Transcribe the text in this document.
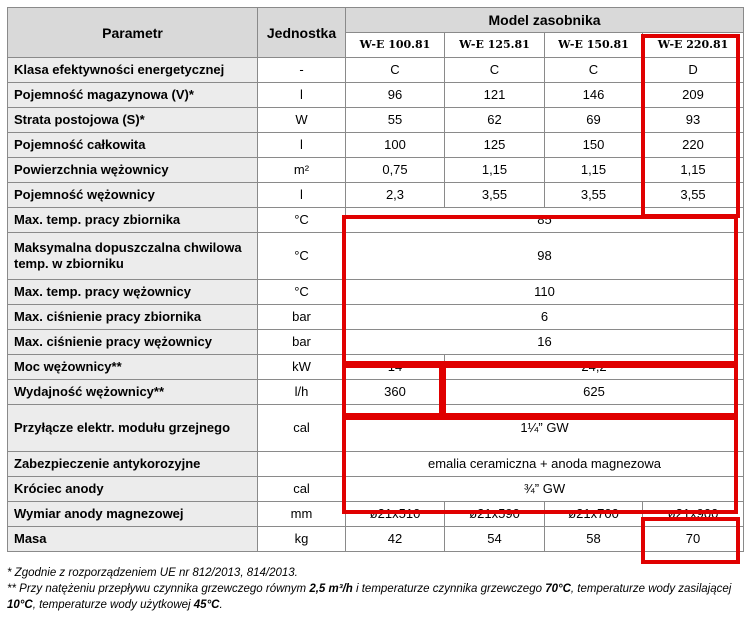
Parametr	Jednostka	Model zasobnika			
		W-E 100.81	W-E 125.81	W-E 150.81	W-E 220.81
Klasa efektywności energetycznej	-	C	C	C	D
Pojemność magazynowa (V)*	l	96	121	146	209
Strata postojowa (S)*	W	55	62	69	93
Pojemność całkowita	l	100	125	150	220
Powierzchnia wężownicy	m²	0,75	1,15	1,15	1,15
Pojemność wężownicy	l	2,3	3,55	3,55	3,55
Max. temp. pracy zbiornika	°C	85			
Maksymalna dopuszczalna chwilowa temp. w zbiorniku	°C	98			
Max. temp. pracy wężownicy	°C	110			
Max. ciśnienie pracy zbiornika	bar	6			
Max. ciśnienie pracy wężownicy	bar	16			
Moc wężownicy**	kW	14	24,2		
Wydajność wężownicy**	l/h	360	625		
Przyłącze elektr. modułu grzejnego	cal	1¼” GW			
Zabezpieczenie antykorozyjne		emalia ceramiczna + anoda magnezowa			
Króciec anody	cal	¾” GW			
Wymiar anody magnezowej	mm	ø21x510	ø21x590	ø21x700	ø21x900
Masa	kg	42	54	58	70

* Zgodnie z rozporządzeniem UE nr 812/2013, 814/2013.

** Przy natężeniu przepływu czynnika grzewczego równym 2,5 m³/h i temperaturze czynnika grzewczego 70°C, temperaturze wody zasilającej 10°C, temperaturze wody użytkowej 45°C.
